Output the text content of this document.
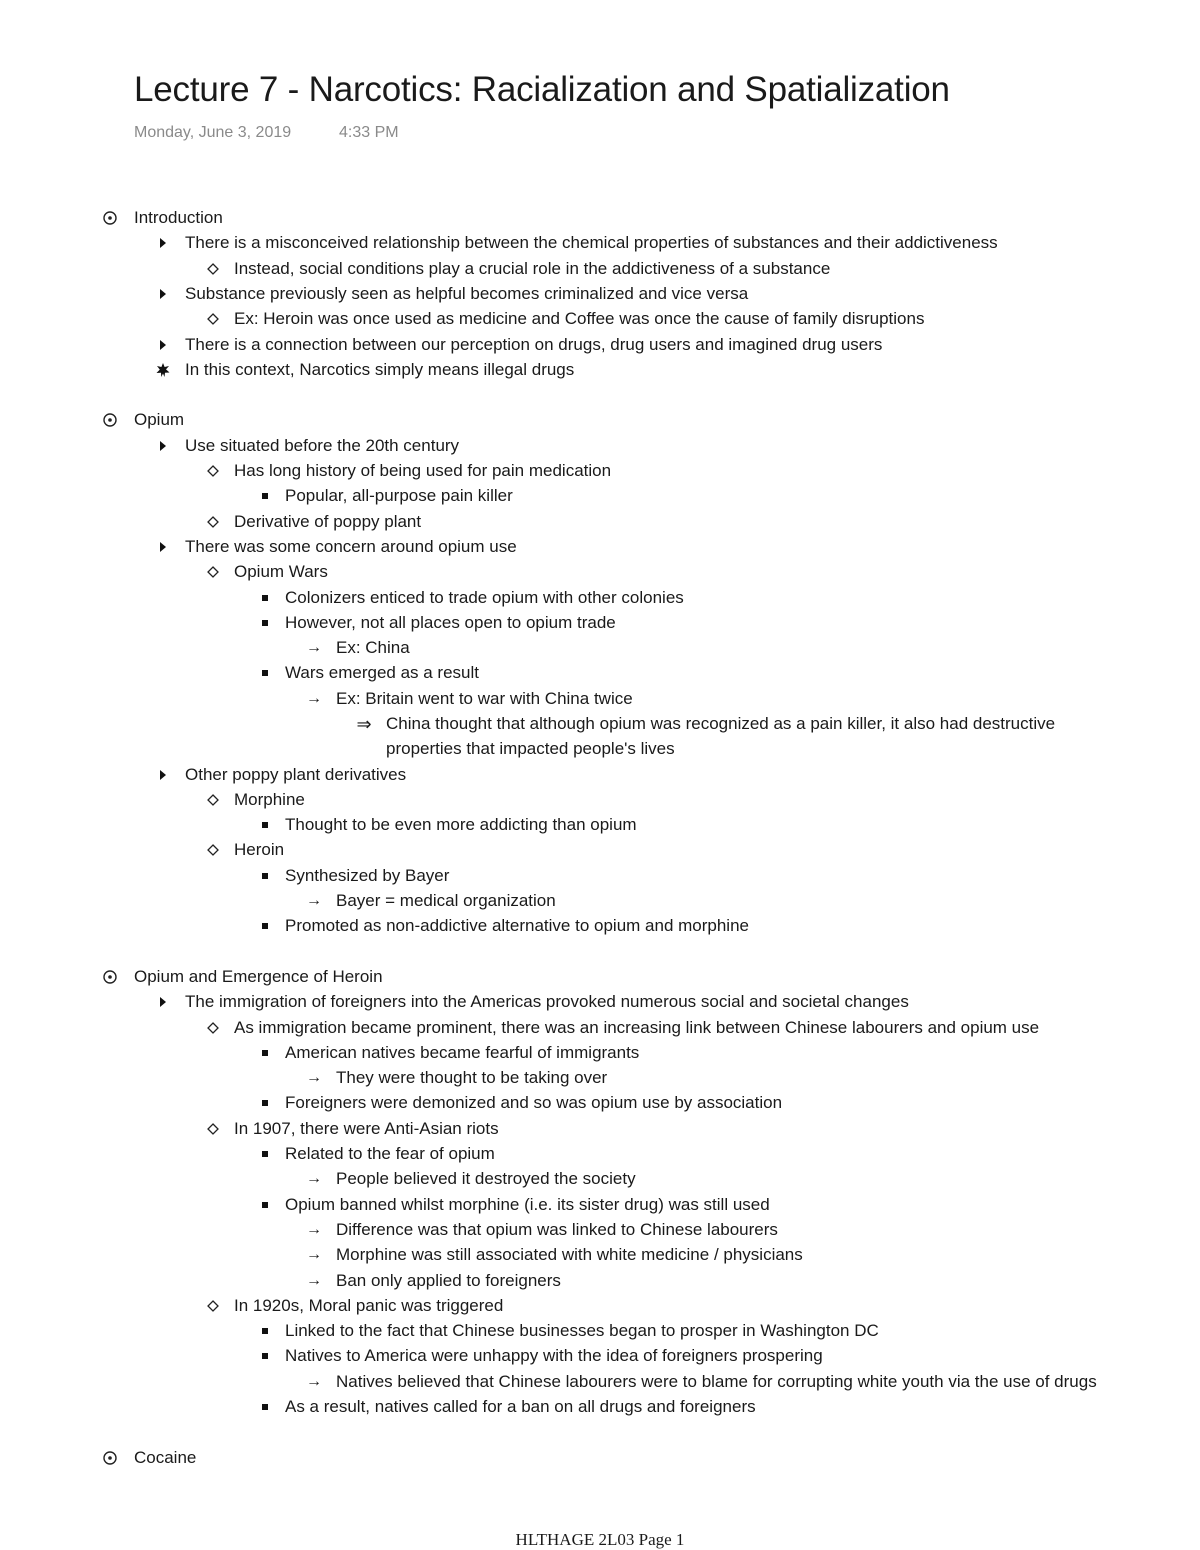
Lecture 7 - Narcotics: Racialization and Spatialization
Monday, June 3, 2019	4:33 PM
Introduction
There is a misconceived relationship between the chemical properties of substances and their addictiveness
Instead, social conditions play a crucial role in the addictiveness of a substance
Substance previously seen as helpful becomes criminalized and vice versa
Ex: Heroin was once used as medicine and Coffee was once the cause of family disruptions
There is a connection between our perception on drugs, drug users and imagined drug users
In this context, Narcotics simply means illegal drugs
Opium
Use situated before the 20th century
Has long history of being used for pain medication
Popular, all-purpose pain killer
Derivative of poppy plant
There was some concern around opium use
Opium Wars
Colonizers enticed to trade opium with other colonies
However, not all places open to opium trade
→ Ex: China
Wars emerged as a result
→ Ex: Britain went to war with China twice
⇒ China thought that although opium was recognized as a pain killer, it also had destructive
properties that impacted people's lives
Other poppy plant derivatives
Morphine
Thought to be even more addicting than opium
Heroin
Synthesized by Bayer
→ Bayer = medical organization
Promoted as non-addictive alternative to opium and morphine
Opium and Emergence of Heroin
The immigration of foreigners into the Americas provoked numerous social and societal changes
As immigration became prominent, there was an increasing link between Chinese labourers and opium use
American natives became fearful of immigrants
→ They were thought to be taking over
Foreigners were demonized and so was opium use by association
In 1907, there were Anti-Asian riots
Related to the fear of opium
→ People believed it destroyed the society
Opium banned whilst morphine (i.e. its sister drug) was still used
→ Difference was that opium was linked to Chinese labourers
→ Morphine was still associated with white medicine / physicians
→ Ban only applied to foreigners
In 1920s, Moral panic was triggered
Linked to the fact that Chinese businesses began to prosper in Washington DC
Natives to America were unhappy with the idea of foreigners prospering
→ Natives believed that Chinese labourers were to blame for corrupting white youth via the use of drugs
As a result, natives called for a ban on all drugs and foreigners
Cocaine
HLTHAGE 2L03 Page 1
